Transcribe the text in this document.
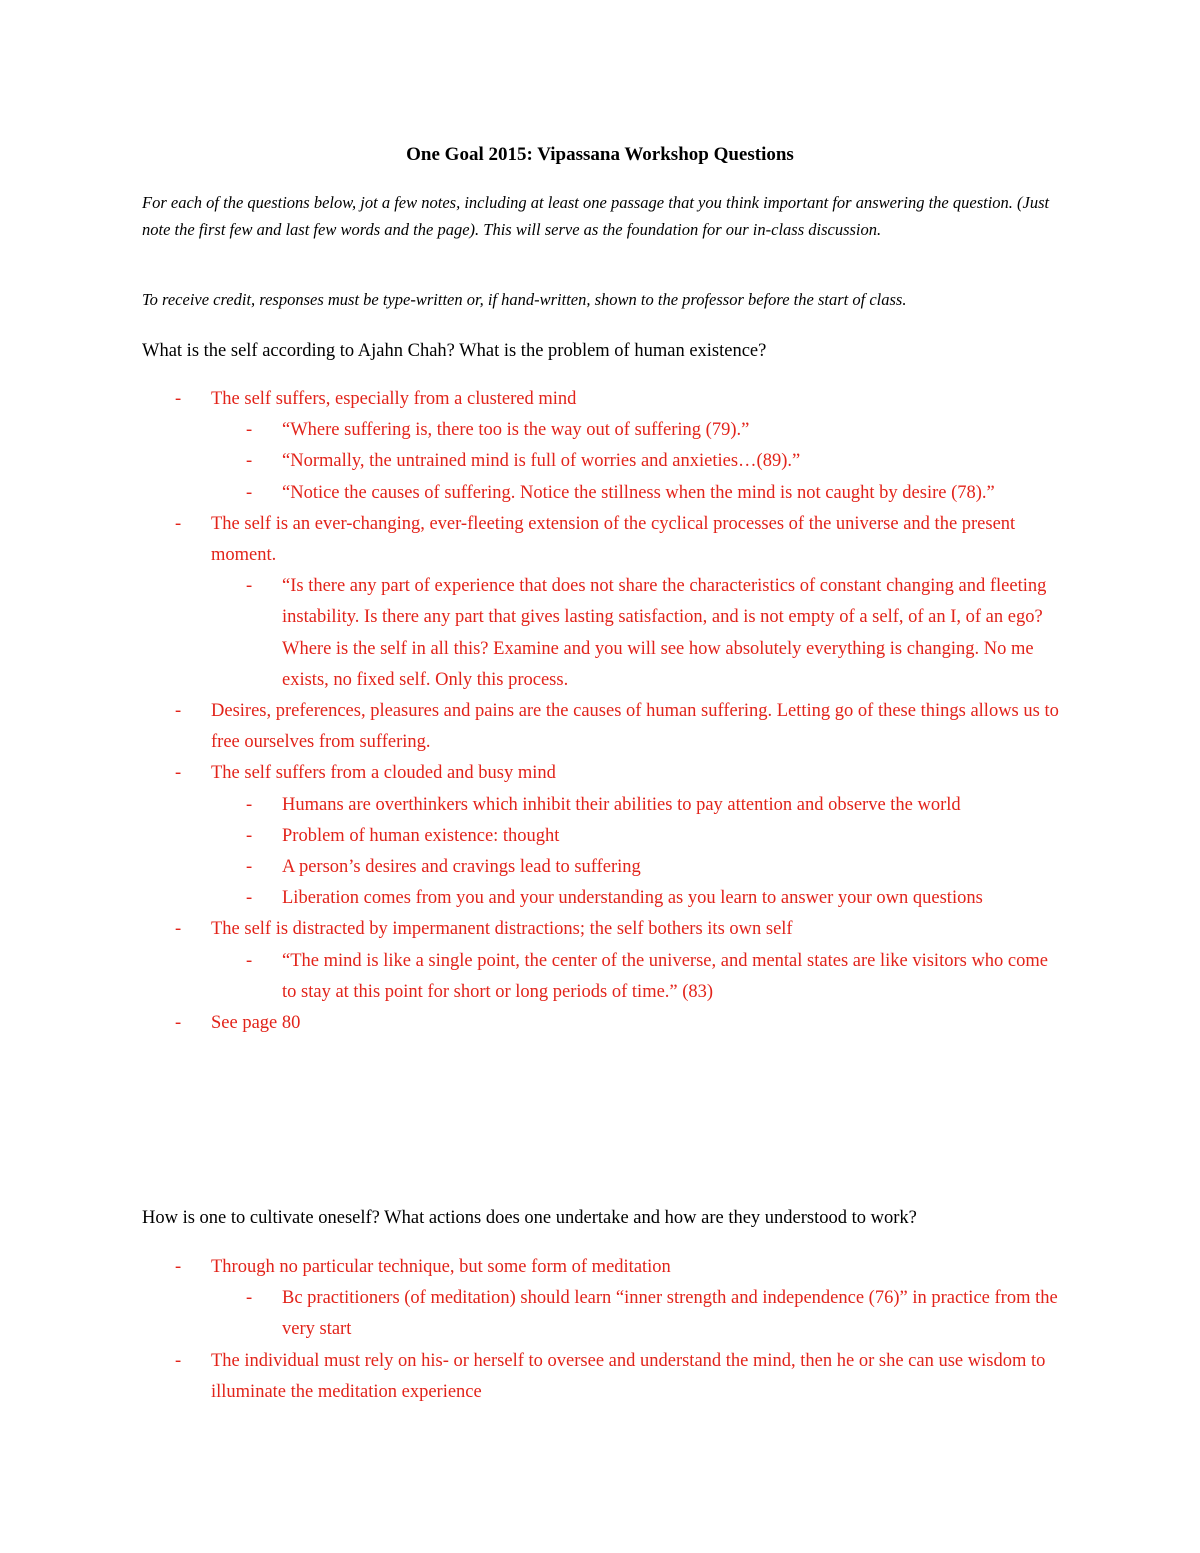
One Goal 2015: Vipassana Workshop Questions
For each of the questions below, jot a few notes, including at least one passage that you think important for answering the question. (Just note the first few and last few words and the page). This will serve as the foundation for our in-class discussion.
To receive credit, responses must be type-written or, if hand-written, shown to the professor before the start of class.
What is the self according to Ajahn Chah? What is the problem of human existence?
- The self suffers, especially from a clustered mind
- “Where suffering is, there too is the way out of suffering (79).”
- “Normally, the untrained mind is full of worries and anxieties…(89).”
- “Notice the causes of suffering. Notice the stillness when the mind is not caught by desire (78).”
- The self is an ever-changing, ever-fleeting extension of the cyclical processes of the universe and the present moment.
- “Is there any part of experience that does not share the characteristics of constant changing and fleeting instability. Is there any part that gives lasting satisfaction, and is not empty of a self, of an I, of an ego? Where is the self in all this? Examine and you will see how absolutely everything is changing. No me exists, no fixed self. Only this process.
- Desires, preferences, pleasures and pains are the causes of human suffering. Letting go of these things allows us to free ourselves from suffering.
- The self suffers from a clouded and busy mind
- Humans are overthinkers which inhibit their abilities to pay attention and observe the world
- Problem of human existence: thought
- A person’s desires and cravings lead to suffering
- Liberation comes from you and your understanding as you learn to answer your own questions
- The self is distracted by impermanent distractions; the self bothers its own self
- “The mind is like a single point, the center of the universe, and mental states are like visitors who come to stay at this point for short or long periods of time.” (83)
- See page 80
How is one to cultivate oneself? What actions does one undertake and how are they understood to work?
- Through no particular technique, but some form of meditation
- Bc practitioners (of meditation) should learn “inner strength and independence (76)” in practice from the very start
- The individual must rely on his- or herself to oversee and understand the mind, then he or she can use wisdom to illuminate the meditation experience
